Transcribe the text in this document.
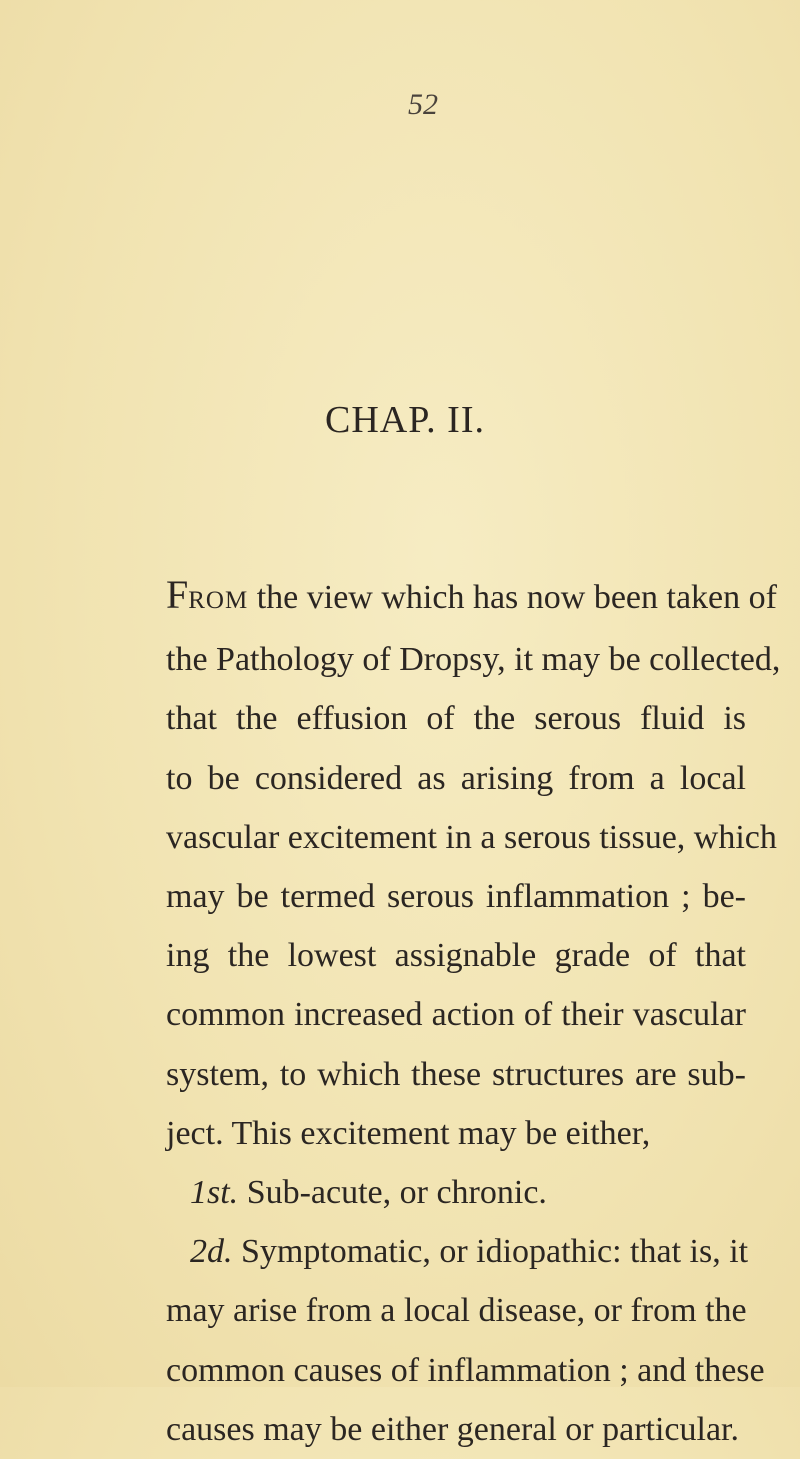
52
CHAP. II.
FROM the view which has now been taken of
the Pathology of Dropsy, it may be collected,
that the effusion of the serous fluid is
to be considered as arising from a local
vascular excitement in a serous tissue, which
may be termed serous inflammation ; be-
ing the lowest assignable grade of that
common increased action of their vascular
system, to which these structures are sub-
ject. This excitement may be either,
1st. Sub-acute, or chronic.
2d. Symptomatic, or idiopathic: that is, it
may arise from a local disease, or from the
common causes of inflammation ; and these
causes may be either general or particular.
